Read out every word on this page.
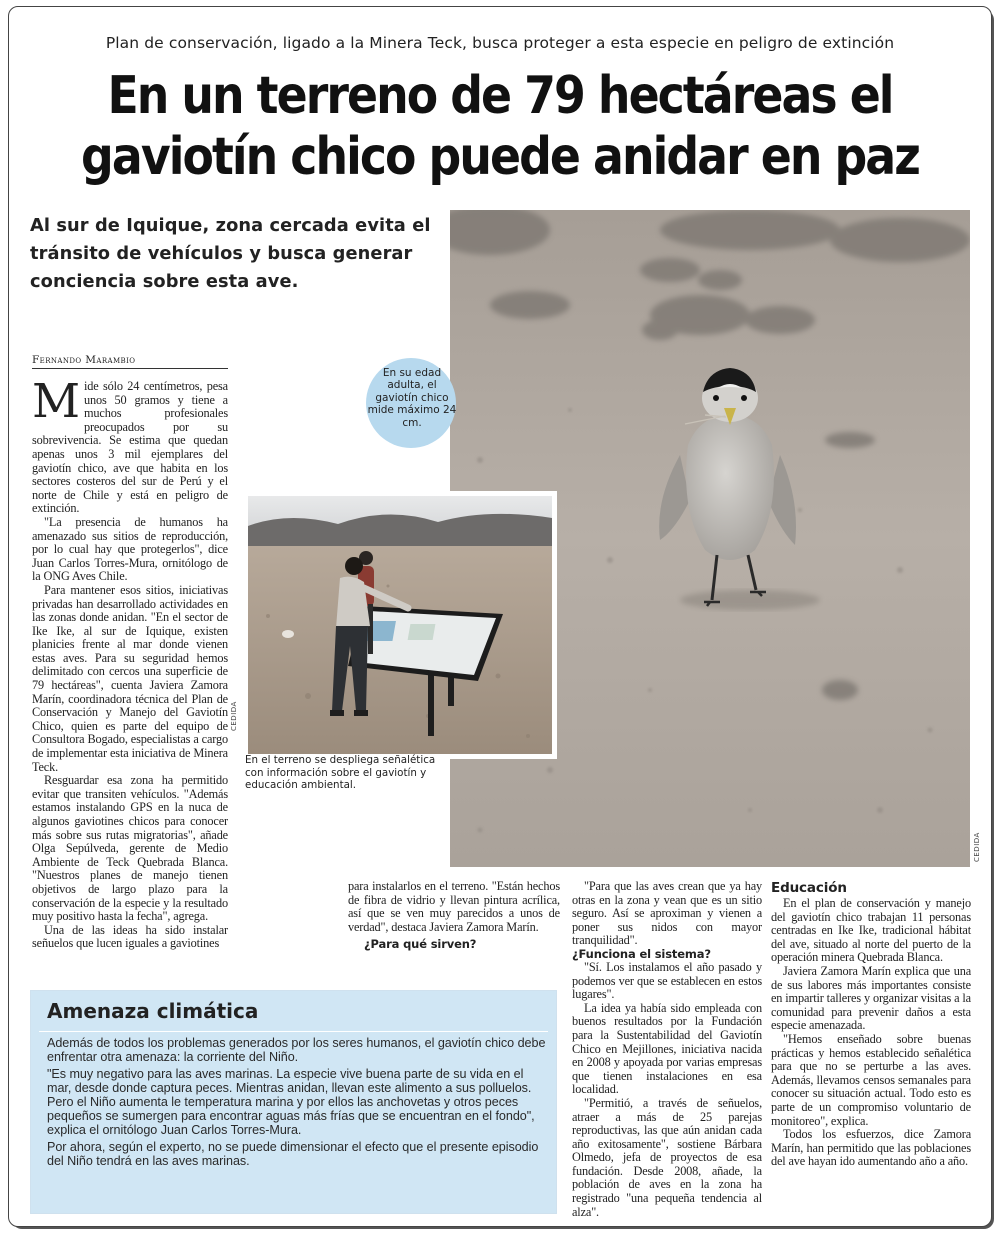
Plan de conservación, ligado a la Minera Teck, busca proteger a esta especie en peligro de extinción
En un terreno de 79 hectáreas el
gaviotín chico puede anidar en paz
Al sur de Iquique, zona cercada evita el tránsito de vehículos y busca generar conciencia sobre esta ave.
Fernando Marambio
En su edad adulta, el gaviotín chico mide máximo 24 cm.
CEDIDA
CEDIDA
En el terreno se despliega señalética con información sobre el gaviotín y educación ambiental.

Mide sólo 24 centímetros, pesa unos 50 gramos y tiene a muchos profesionales preocupados por su sobrevivencia. Se estima que quedan apenas unos 3 mil ejemplares del gaviotín chico, ave que habita en los sectores costeros del sur de Perú y el norte de Chile y está en peligro de extinción.

"La presencia de humanos ha amenazado sus sitios de reproducción, por lo cual hay que protegerlos", dice Juan Carlos Torres-Mura, ornitólogo de la ONG Aves Chile.

Para mantener esos sitios, iniciativas privadas han desarrollado actividades en las zonas donde anidan. "En el sector de Ike Ike, al sur de Iquique, existen planicies frente al mar donde vienen estas aves. Para su seguridad hemos delimitado con cercos una superficie de 79 hectáreas", cuenta Javiera Zamora Marín, coordinadora técnica del Plan de Conservación y Manejo del Gaviotín Chico, quien es parte del equipo de Consultora Bogado, especialistas a cargo de implementar esta iniciativa de Minera Teck.

Resguardar esa zona ha permitido evitar que transiten vehículos. "Además estamos instalando GPS en la nuca de algunos gaviotines chicos para conocer más sobre sus rutas migratorias", añade Olga Sepúlveda, gerente de Medio Ambiente de Teck Quebrada Blanca. "Nuestros planes de manejo tienen objetivos de largo plazo para la conservación de la especie y la resultado muy positivo hasta la fecha", agrega.

Una de las ideas ha sido instalar señuelos que lucen iguales a gaviotines

para instalarlos en el terreno. "Están hechos de fibra de vidrio y llevan pintura acrílica, así que se ven muy parecidos a unos de verdad", destaca Javiera Zamora Marín.

¿Para qué sirven?

"Para que las aves crean que ya hay otras en la zona y vean que es un sitio seguro. Así se aproximan y vienen a poner sus nidos con mayor tranquilidad".

¿Funciona el sistema?

"Sí. Los instalamos el año pasado y podemos ver que se establecen en estos lugares".

La idea ya había sido empleada con buenos resultados por la Fundación para la Sustentabilidad del Gaviotín Chico en Mejillones, iniciativa nacida en 2008 y apoyada por varias empresas que tienen instalaciones en esa localidad.

"Permitió, a través de señuelos, atraer a más de 25 parejas reproductivas, las que aún anidan cada año exitosamente", sostiene Bárbara Olmedo, jefa de proyectos de esa fundación. Desde 2008, añade, la población de aves en la zona ha registrado "una pequeña tendencia al alza".

Educación

En el plan de conservación y manejo del gaviotín chico trabajan 11 personas centradas en Ike Ike, tradicional hábitat del ave, situado al norte del puerto de la operación minera Quebrada Blanca.

Javiera Zamora Marín explica que una de sus labores más importantes consiste en impartir talleres y organizar visitas a la comunidad para prevenir daños a esta especie amenazada.

"Hemos enseñado sobre buenas prácticas y hemos establecido señalética para que no se perturbe a las aves. Además, llevamos censos semanales para conocer su situación actual. Todo esto es parte de un compromiso voluntario de monitoreo", explica.

Todos los esfuerzos, dice Zamora Marín, han permitido que las poblaciones del ave hayan ido aumentando año a año.

Amenaza climática

Además de todos los problemas generados por los seres humanos, el gaviotín chico debe enfrentar otra amenaza: la corriente del Niño.

"Es muy negativo para las aves marinas. La especie vive buena parte de su vida en el mar, desde donde captura peces. Mientras anidan, llevan este alimento a sus polluelos. Pero el Niño aumenta le temperatura marina y por ellos las anchovetas y otros peces pequeños se sumergen para encontrar aguas más frías que se encuentran en el fondo", explica el ornitólogo Juan Carlos Torres-Mura.

Por ahora, según el experto, no se puede dimensionar el efecto que el presente episodio del Niño tendrá en las aves marinas.
